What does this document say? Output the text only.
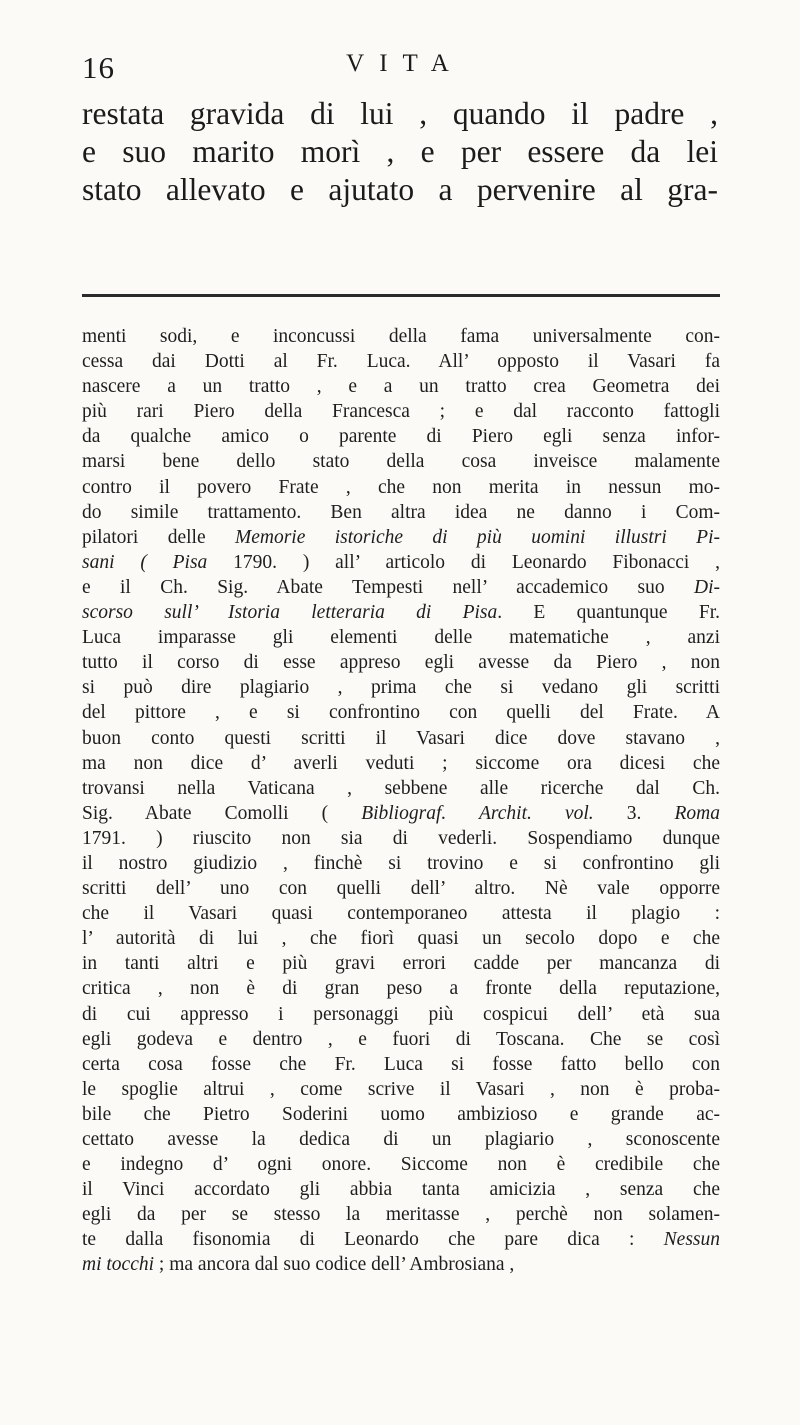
16	VITA
restata gravida di lui , quando il padre ,
e suo marito morì , e per essere da lei
stato allevato e ajutato a pervenire al gra-
menti sodi, e inconcussi della fama universalmente con-
cessa dai Dotti al Fr. Luca. All’ opposto il Vasari fa
nascere a un tratto , e a un tratto crea Geometra dei
più rari Piero della Francesca ; e dal racconto fattogli
da qualche amico o parente di Piero egli senza infor-
marsi bene dello stato della cosa inveisce malamente
contro il povero Frate , che non merita in nessun mo-
do simile trattamento. Ben altra idea ne danno i Com-
pilatori delle Memorie istoriche di più uomini illustri Pi-
sani ( Pisa 1790. ) all’ articolo di Leonardo Fibonacci ,
e il Ch. Sig. Abate Tempesti nell’ accademico suo Di-
scorso sull’ Istoria letteraria di Pisa. E quantunque Fr.
Luca imparasse gli elementi delle matematiche , anzi
tutto il corso di esse appreso egli avesse da Piero , non
si può dire plagiario , prima che si vedano gli scritti
del pittore , e si confrontino con quelli del Frate. A
buon conto questi scritti il Vasari dice dove stavano ,
ma non dice d’ averli veduti ; siccome ora dicesi che
trovansi nella Vaticana , sebbene alle ricerche dal Ch.
Sig. Abate Comolli ( Bibliograf. Archit. vol. 3. Roma
1791. ) riuscito non sia di vederli. Sospendiamo dunque
il nostro giudizio , finchè si trovino e si confrontino gli
scritti dell’ uno con quelli dell’ altro. Nè vale opporre
che il Vasari quasi contemporaneo attesta il plagio :
l’ autorità di lui , che fiorì quasi un secolo dopo e che
in tanti altri e più gravi errori cadde per mancanza di
critica , non è di gran peso a fronte della reputazione,
di cui appresso i personaggi più cospicui dell’ età sua
egli godeva e dentro , e fuori di Toscana. Che se così
certa cosa fosse che Fr. Luca si fosse fatto bello con
le spoglie altrui , come scrive il Vasari , non è proba-
bile che Pietro Soderini uomo ambizioso e grande ac-
cettato avesse la dedica di un plagiario , sconoscente
e indegno d’ ogni onore. Siccome non è credibile che
il Vinci accordato gli abbia tanta amicizia , senza che
egli da per se stesso la meritasse , perchè non solamen-
te dalla fisonomia di Leonardo che pare dica : Nessun
mi tocchi ; ma ancora dal suo codice dell’ Ambrosiana ,
